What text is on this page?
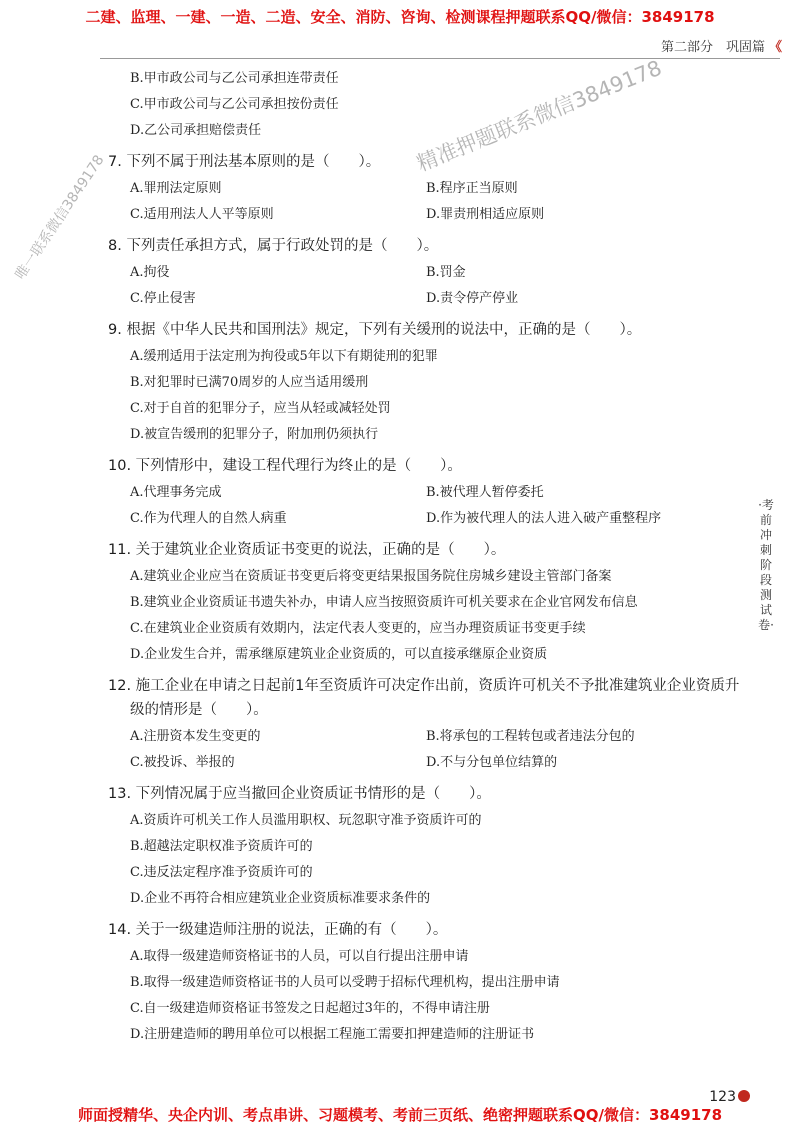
二建、监理、一建、一造、二造、安全、消防、咨询、检测课程押题联系QQ/微信：3849178
第二部分　巩固篇 《
B.甲市政公司与乙公司承担连带责任
C.甲市政公司与乙公司承担按份责任
D.乙公司承担赔偿责任
7. 下列不属于刑法基本原则的是（　　）。
A.罪刑法定原则	B.程序正当原则
C.适用刑法人人平等原则	D.罪责刑相适应原则
8. 下列责任承担方式，属于行政处罚的是（　　）。
A.拘役	B.罚金
C.停止侵害	D.责令停产停业
9. 根据《中华人民共和国刑法》规定，下列有关缓刑的说法中，正确的是（　　）。
A.缓刑适用于法定刑为拘役或5年以下有期徒刑的犯罪
B.对犯罪时已满70周岁的人应当适用缓刑
C.对于自首的犯罪分子，应当从轻或减轻处罚
D.被宣告缓刑的犯罪分子，附加刑仍须执行
10. 下列情形中，建设工程代理行为终止的是（　　）。
A.代理事务完成	B.被代理人暂停委托
C.作为代理人的自然人病重	D.作为被代理人的法人进入破产重整程序
11. 关于建筑业企业资质证书变更的说法，正确的是（　　）。
A.建筑业企业应当在资质证书变更后将变更结果报国务院住房城乡建设主管部门备案
B.建筑业企业资质证书遗失补办，申请人应当按照资质许可机关要求在企业官网发布信息
C.在建筑业企业资质有效期内，法定代表人变更的，应当办理资质证书变更手续
D.企业发生合并，需承继原建筑业企业资质的，可以直接承继原企业资质
12. 施工企业在申请之日起前1年至资质许可决定作出前，资质许可机关不予批准建筑业企业资质升级的情形是（　　）。
A.注册资本发生变更的	B.将承包的工程转包或者违法分包的
C.被投诉、举报的	D.不与分包单位结算的
13. 下列情况属于应当撤回企业资质证书情形的是（　　）。
A.资质许可机关工作人员滥用职权、玩忽职守准予资质许可的
B.超越法定职权准予资质许可的
C.违反法定程序准予资质许可的
D.企业不再符合相应建筑业企业资质标准要求条件的
14. 关于一级建造师注册的说法，正确的有（　　）。
A.取得一级建造师资格证书的人员，可以自行提出注册申请
B.取得一级建造师资格证书的人员可以受聘于招标代理机构，提出注册申请
C.自一级建造师资格证书签发之日起超过3年的，不得申请注册
D.注册建造师的聘用单位可以根据工程施工需要扣押建造师的注册证书
·考前冲刺阶段测试卷·
精准押题联系微信3849178
唯一联系微信3849178
123
师面授精华、央企内训、考点串讲、习题模考、考前三页纸、绝密押题联系QQ/微信：3849178
